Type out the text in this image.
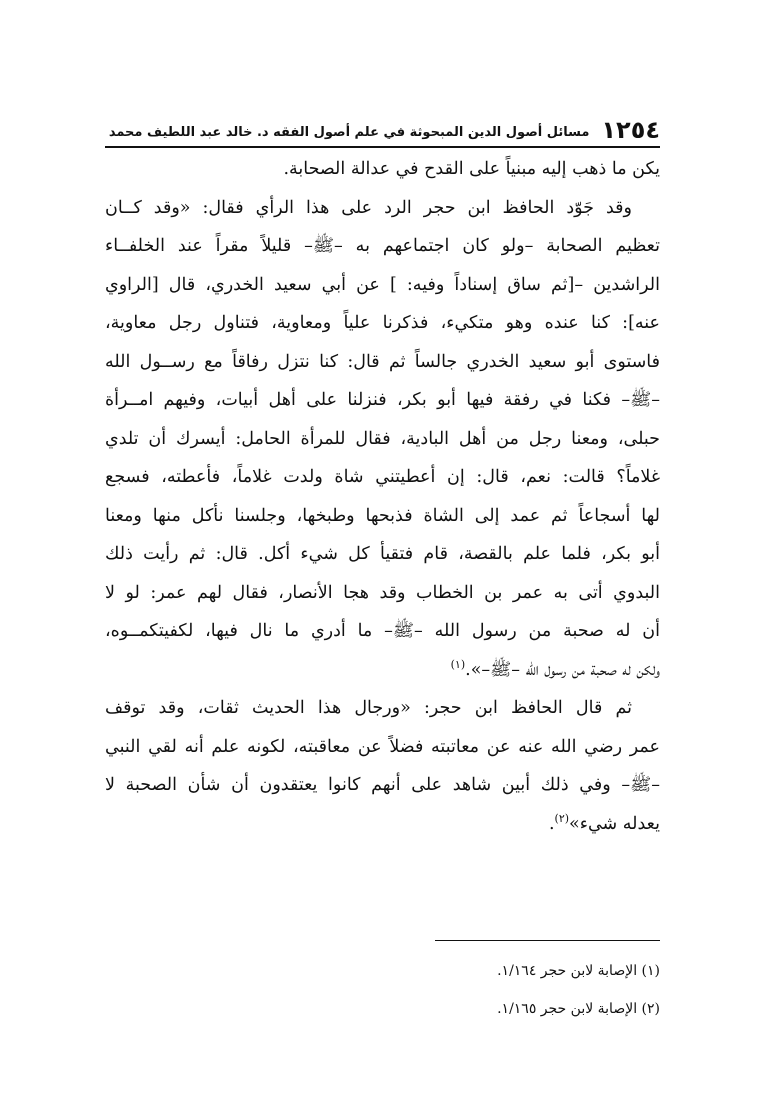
١٢٥٤
مسائل أصول الدين المبحوثة في علم أصول الفقه د. خالد عبد اللطيف محمد

يكن ما ذهب إليه مبنياً على القدح في عدالة الصحابة.

وقد جَوّد الحافظ ابن حجر الرد على هذا الرأي فقال: «وقد كــان
تعظيم الصحابة –ولو كان اجتماعهم به –ﷺ– قليلاً مقراً عند الخلفــاء
الراشدين –[ثم ساق إسناداً وفيه: ] عن أبي سعيد الخدري، قال [الراوي
عنه]: كنا عنده وهو متكيء، فذكرنا علياً ومعاوية، فتناول رجل معاوية،
فاستوى أبو سعيد الخدري جالساً ثم قال: كنا نتزل رفاقاً مع رســول الله
–ﷺ– فكنا في رفقة فيها أبو بكر، فنزلنا على أهل أبيات، وفيهم امــرأة
حبلى، ومعنا رجل من أهل البادية، فقال للمرأة الحامل: أيسرك أن تلدي
غلاماً؟ قالت: نعم، قال: إن أعطيتني شاة ولدت غلاماً، فأعطته، فسجع
لها أسجاعاً ثم عمد إلى الشاة فذبحها وطبخها، وجلسنا نأكل منها ومعنا
أبو بكر، فلما علم بالقصة، قام فتقيأ كل شيء أكل. قال: ثم رأيت ذلك
البدوي أتى به عمر بن الخطاب وقد هجا الأنصار، فقال لهم عمر: لو لا
أن له صحبة من رسول الله –ﷺ– ما أدري ما نال فيها، لكفيتكمــوه،
ولكن له صحبة من رسول الله –ﷺ–».$^{(١)}$

ثم قال الحافظ ابن حجر: «ورجال هذا الحديث ثقات، وقد توقف
عمر رضي الله عنه عن معاتبته فضلاً عن معاقبته، لكونه علم أنه لقي النبي
–ﷺ– وفي ذلك أبين شاهد على أنهم كانوا يعتقدون أن شأن الصحبة لا
يعدله شيء»$^{(٢)}$.

(١) الإصابة لابن حجر ١/١٦٤.
(٢) الإصابة لابن حجر ١/١٦٥.
